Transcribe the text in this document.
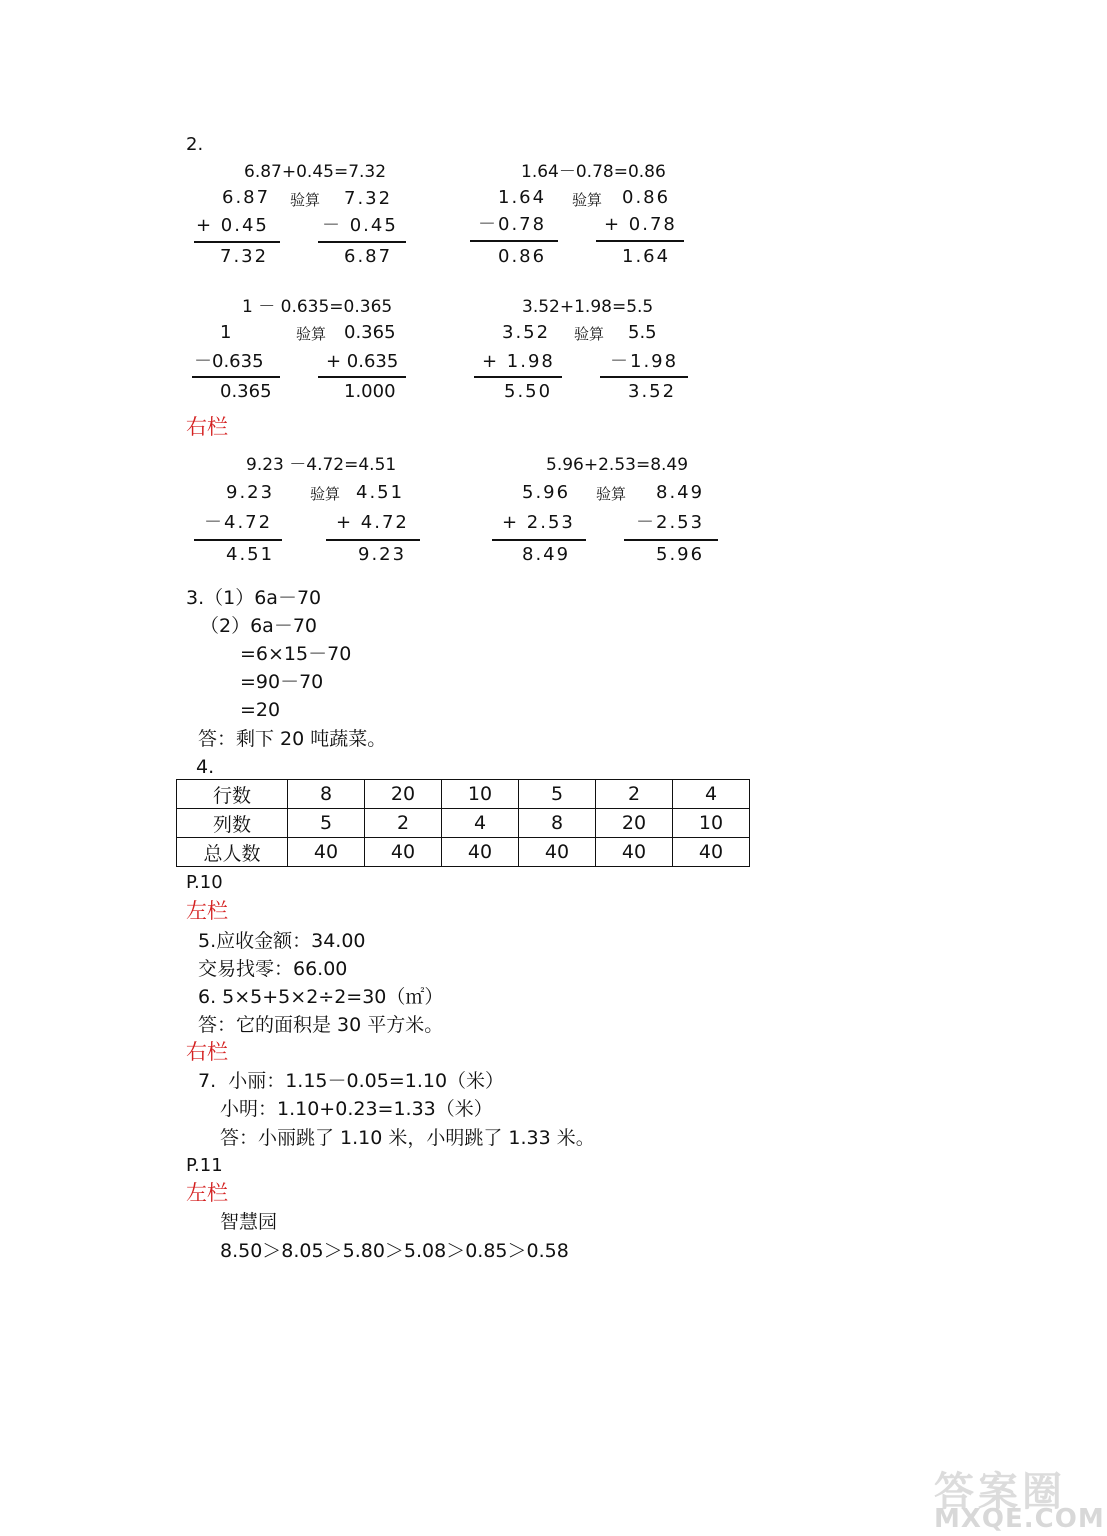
2.
6.87+0.45=7.32
6.87
+ 0.45
7.32
验算 7.32
－ 0.45
6.87
1.64－0.78=0.86
1.64
－0.78
0.86
验算 0.86
+ 0.78
1.64
1 － 0.635=0.365
1
－0.635
0.365
验算 0.365
+ 0.635
1.000
3.52+1.98=5.5
3.52
+ 1.98
5.50
验算 5.5
－1.98
3.52
右栏
9.23 －4.72=4.51
9.23
－4.72
4.51
验算 4.51
+ 4.72
9.23
5.96+2.53=8.49
5.96
+ 2.53
8.49
验算 8.49
－2.53
5.96
3.（1）6a－70
（2）6a－70
=6×15－70
=90－70
=20
答：剩下 20 吨蔬菜。
4.
行数	8	20	10	5	2	4
列数	5	2	4	8	20	10
总人数	40	40	40	40	40	40
P.10
左栏
5.应收金额：34.00
交易找零：66.00
6. 5×5+5×2÷2=30（㎡）
答：它的面积是 30 平方米。
右栏
7.  小丽：1.15－0.05=1.10（米）
小明：1.10+0.23=1.33（米）
答：小丽跳了 1.10 米，小明跳了 1.33 米。
P.11
左栏
智慧园
8.50＞8.05＞5.80＞5.08＞0.85＞0.58
答案圈
MXQE.COM
